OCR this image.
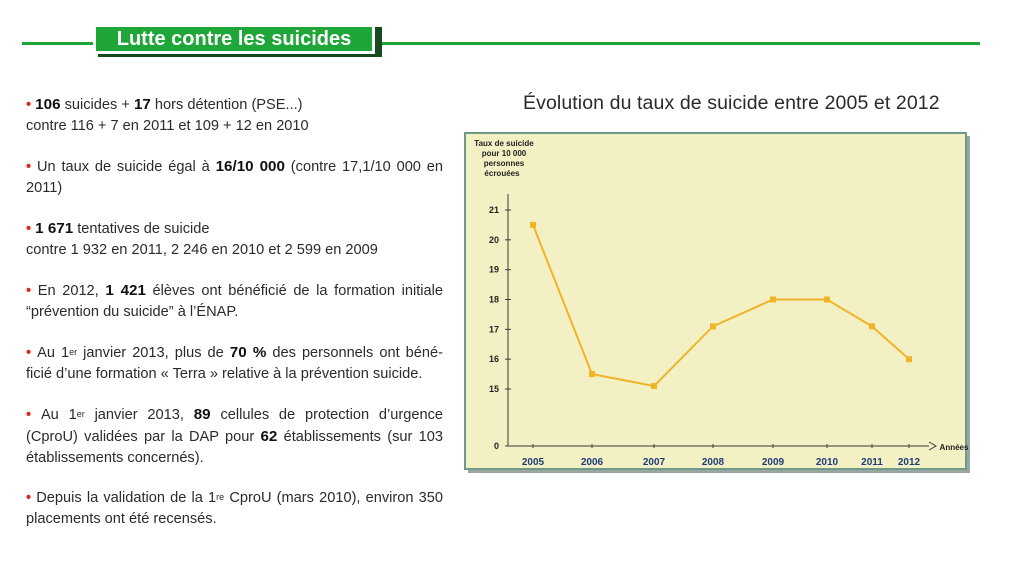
Lutte contre les suicides

• 106 suicides + 17 hors détention (PSE...)
contre 116 + 7 en 2011 et 109 + 12 en 2010

• Un taux de suicide égal à 16/10 000 (contre 17,1/10 000 en 2011)

• 1 671 tentatives de suicide
contre 1 932 en 2011, 2 246 en 2010 et 2 599 en 2009

• En 2012, 1 421 élèves ont bénéficié de la formation initiale “prévention du suicide” à l’ÉNAP.

• Au 1er janvier 2013, plus de 70 % des personnels ont béné-ficié d’une formation « Terra » relative à la prévention suicide.

• Au 1er janvier 2013, 89 cellules de protection d’urgence (CproU) validées par la DAP pour 62 établissements (sur 103 établissements concernés).

• Depuis la validation de la 1re CproU (mars 2010), environ 350 placements ont été recensés.

Évolution du taux de suicide entre 2005 et 2012
Taux de suicide
pour 10 000
personnes
écrouées
Années
0
15
16
17
18
19
20
21
2005	2006	2007	2008	2009	2010 2011 2012
